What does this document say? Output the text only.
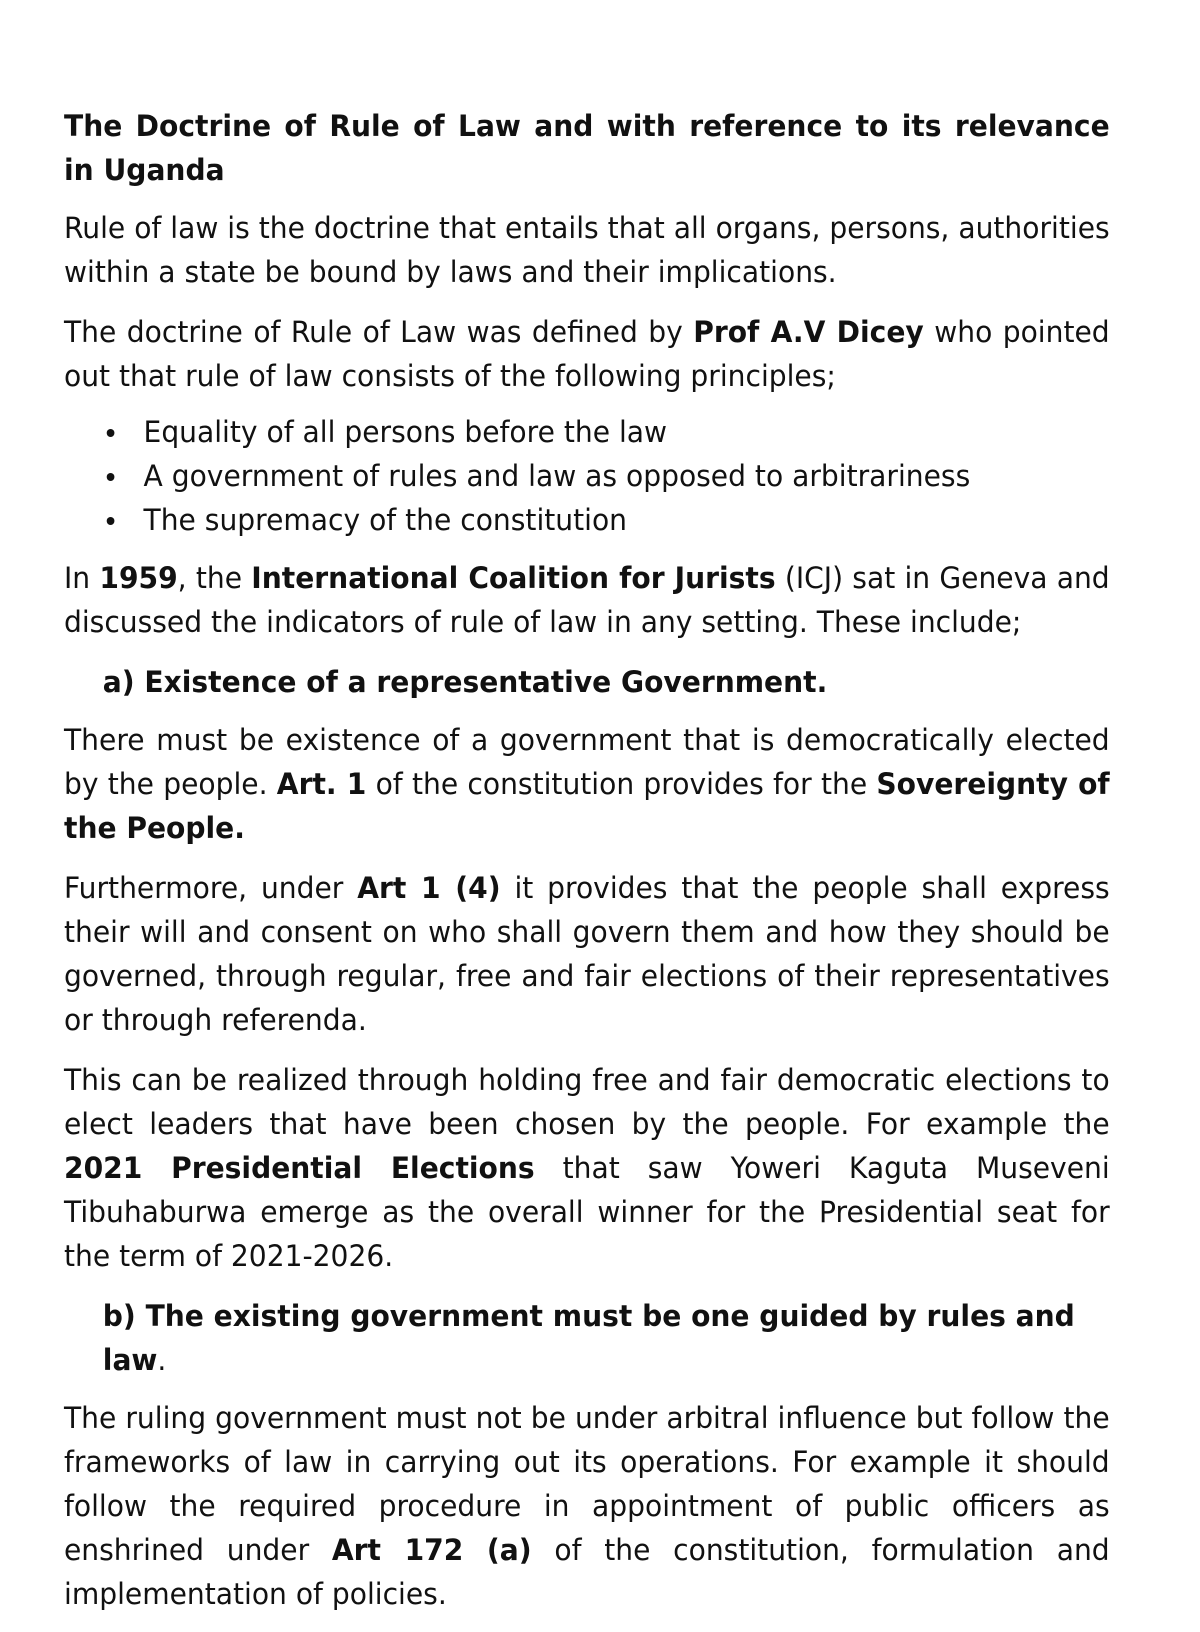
The Doctrine of Rule of Law and with reference to its relevance in Uganda

Rule of law is the doctrine that entails that all organs, persons, authorities within a state be bound by laws and their implications.

The doctrine of Rule of Law was defined by Prof A.V Dicey who pointed out that rule of law consists of the following principles;

Equality of all persons before the law
A government of rules and law as opposed to arbitrariness
The supremacy of the constitution

In 1959, the International Coalition for Jurists (ICJ) sat in Geneva and discussed the indicators of rule of law in any setting. These include;

a) Existence of a representative Government.

There must be existence of a government that is democratically elected by the people. Art. 1 of the constitution provides for the Sovereignty of the People.

Furthermore, under Art 1 (4) it provides that the people shall express their will and consent on who shall govern them and how they should be governed, through regular, free and fair elections of their representatives or through referenda.

This can be realized through holding free and fair democratic elections to elect leaders that have been chosen by the people. For example the 2021 Presidential Elections that saw Yoweri Kaguta Museveni Tibuhaburwa emerge as the overall winner for the Presidential seat for the term of 2021-2026.

b) The existing government must be one guided by rules and law.

The ruling government must not be under arbitral influence but follow the frameworks of law in carrying out its operations. For example it should follow the required procedure in appointment of public officers as enshrined under Art 172 (a) of the constitution, formulation and implementation of policies.
